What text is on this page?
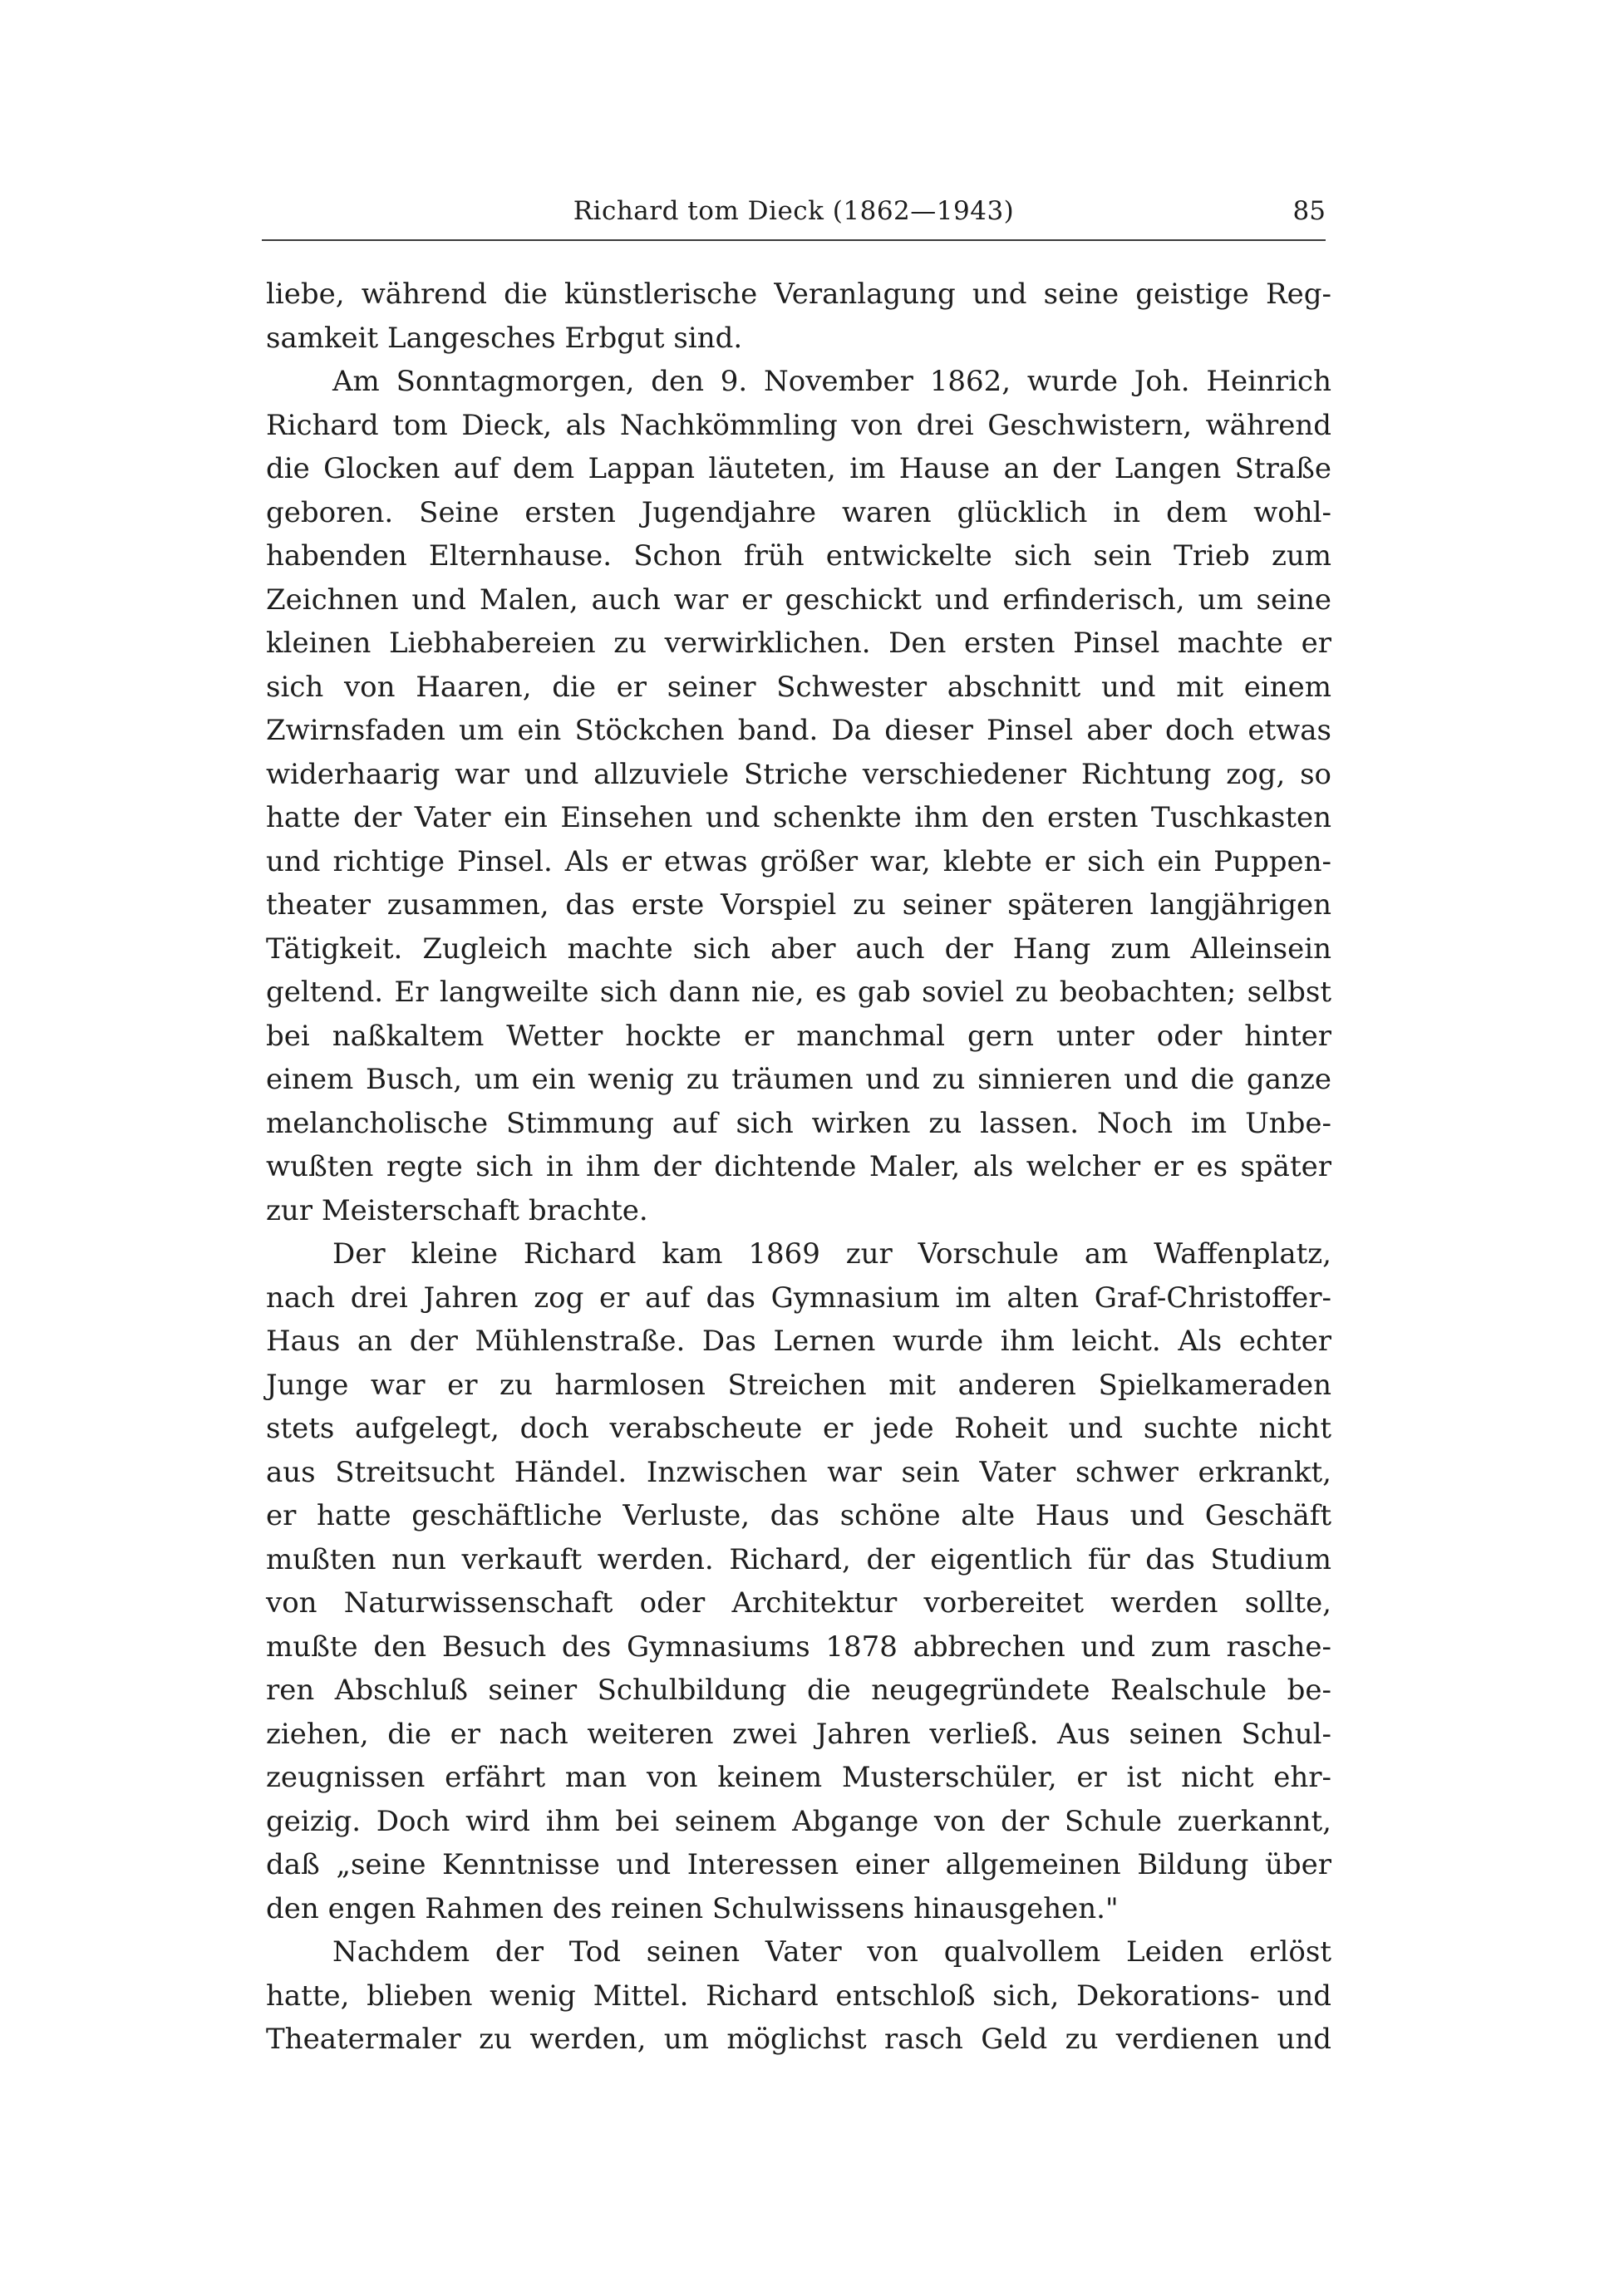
Richard tom Dieck (1862—1943)	85
liebe, während die künstlerische Veranlagung und seine geistige Reg-
samkeit Langesches Erbgut sind.
Am Sonntagmorgen, den 9. November 1862, wurde Joh. Heinrich
Richard tom Dieck, als Nachkömmling von drei Geschwistern, während
die Glocken auf dem Lappan läuteten, im Hause an der Langen Straße
geboren. Seine ersten Jugendjahre waren glücklich in dem wohl-
habenden Elternhause. Schon früh entwickelte sich sein Trieb zum
Zeichnen und Malen, auch war er geschickt und erfinderisch, um seine
kleinen Liebhabereien zu verwirklichen. Den ersten Pinsel machte er
sich von Haaren, die er seiner Schwester abschnitt und mit einem
Zwirnsfaden um ein Stöckchen band. Da dieser Pinsel aber doch etwas
widerhaarig war und allzuviele Striche verschiedener Richtung zog, so
hatte der Vater ein Einsehen und schenkte ihm den ersten Tuschkasten
und richtige Pinsel. Als er etwas größer war, klebte er sich ein Puppen-
theater zusammen, das erste Vorspiel zu seiner späteren langjährigen
Tätigkeit. Zugleich machte sich aber auch der Hang zum Alleinsein
geltend. Er langweilte sich dann nie, es gab soviel zu beobachten; selbst
bei naßkaltem Wetter hockte er manchmal gern unter oder hinter
einem Busch, um ein wenig zu träumen und zu sinnieren und die ganze
melancholische Stimmung auf sich wirken zu lassen. Noch im Unbe-
wußten regte sich in ihm der dichtende Maler, als welcher er es später
zur Meisterschaft brachte.
Der kleine Richard kam 1869 zur Vorschule am Waffenplatz,
nach drei Jahren zog er auf das Gymnasium im alten Graf-Christoffer-
Haus an der Mühlenstraße. Das Lernen wurde ihm leicht. Als echter
Junge war er zu harmlosen Streichen mit anderen Spielkameraden
stets aufgelegt, doch verabscheute er jede Roheit und suchte nicht
aus Streitsucht Händel. Inzwischen war sein Vater schwer erkrankt,
er hatte geschäftliche Verluste, das schöne alte Haus und Geschäft
mußten nun verkauft werden. Richard, der eigentlich für das Studium
von Naturwissenschaft oder Architektur vorbereitet werden sollte,
mußte den Besuch des Gymnasiums 1878 abbrechen und zum rasche-
ren Abschluß seiner Schulbildung die neugegründete Realschule be-
ziehen, die er nach weiteren zwei Jahren verließ. Aus seinen Schul-
zeugnissen erfährt man von keinem Musterschüler, er ist nicht ehr-
geizig. Doch wird ihm bei seinem Abgange von der Schule zuerkannt,
daß „seine Kenntnisse und Interessen einer allgemeinen Bildung über
den engen Rahmen des reinen Schulwissens hinausgehen."
Nachdem der Tod seinen Vater von qualvollem Leiden erlöst
hatte, blieben wenig Mittel. Richard entschloß sich, Dekorations- und
Theatermaler zu werden, um möglichst rasch Geld zu verdienen und
